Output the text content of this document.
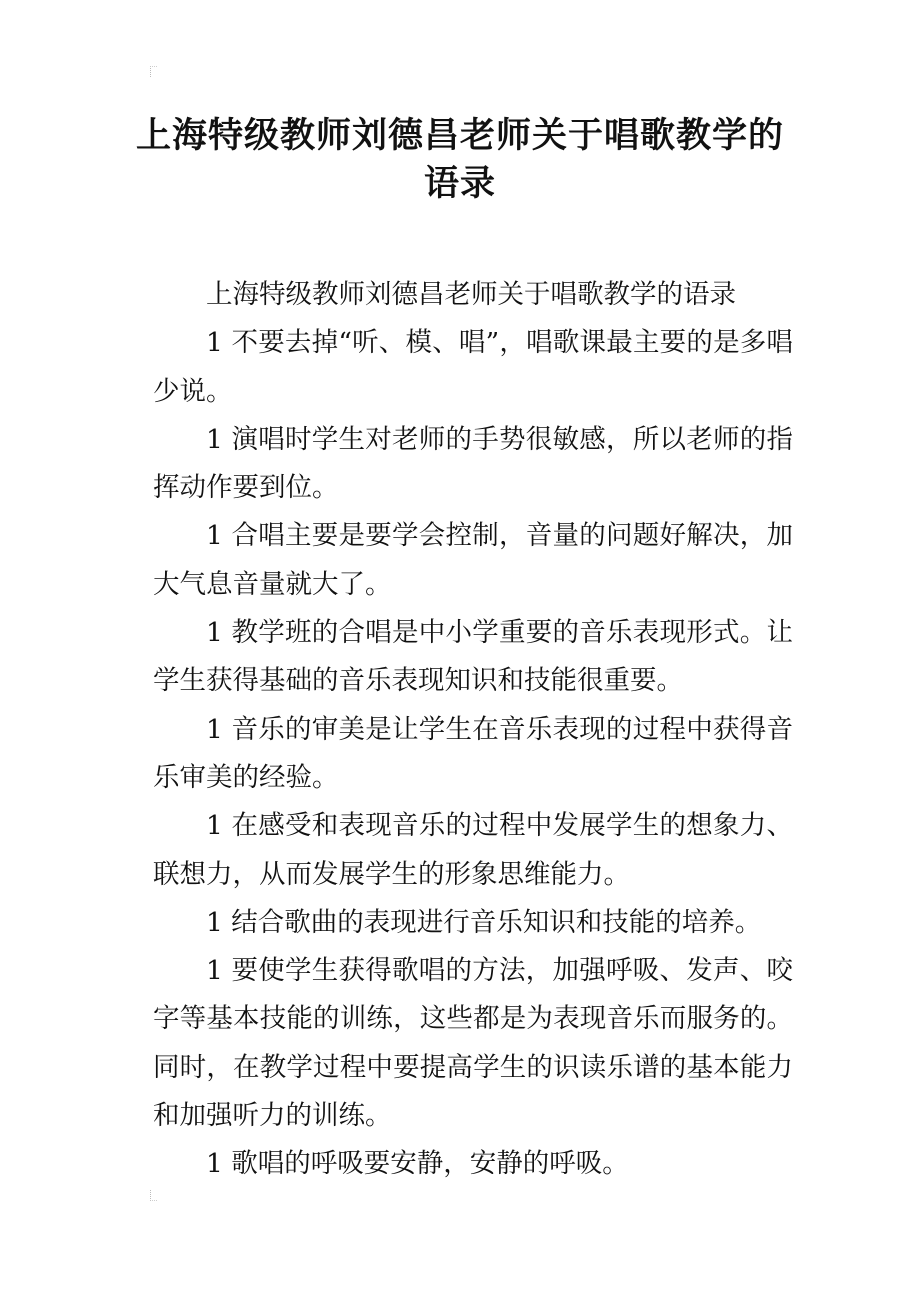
上海特级教师刘德昌老师关于唱歌教学的语录

上海特级教师刘德昌老师关于唱歌教学的语录

1 不要去掉“听、模、唱”，唱歌课最主要的是多唱少说。

1 演唱时学生对老师的手势很敏感，所以老师的指挥动作要到位。

1 合唱主要是要学会控制，音量的问题好解决，加大气息音量就大了。

1 教学班的合唱是中小学重要的音乐表现形式。让学生获得基础的音乐表现知识和技能很重要。

1 音乐的审美是让学生在音乐表现的过程中获得音乐审美的经验。

1 在感受和表现音乐的过程中发展学生的想象力、联想力，从而发展学生的形象思维能力。

1 结合歌曲的表现进行音乐知识和技能的培养。

1 要使学生获得歌唱的方法，加强呼吸、发声、咬字等基本技能的训练，这些都是为表现音乐而服务的。同时，在教学过程中要提高学生的识读乐谱的基本能力和加强听力的训练。

1 歌唱的呼吸要安静，安静的呼吸。
